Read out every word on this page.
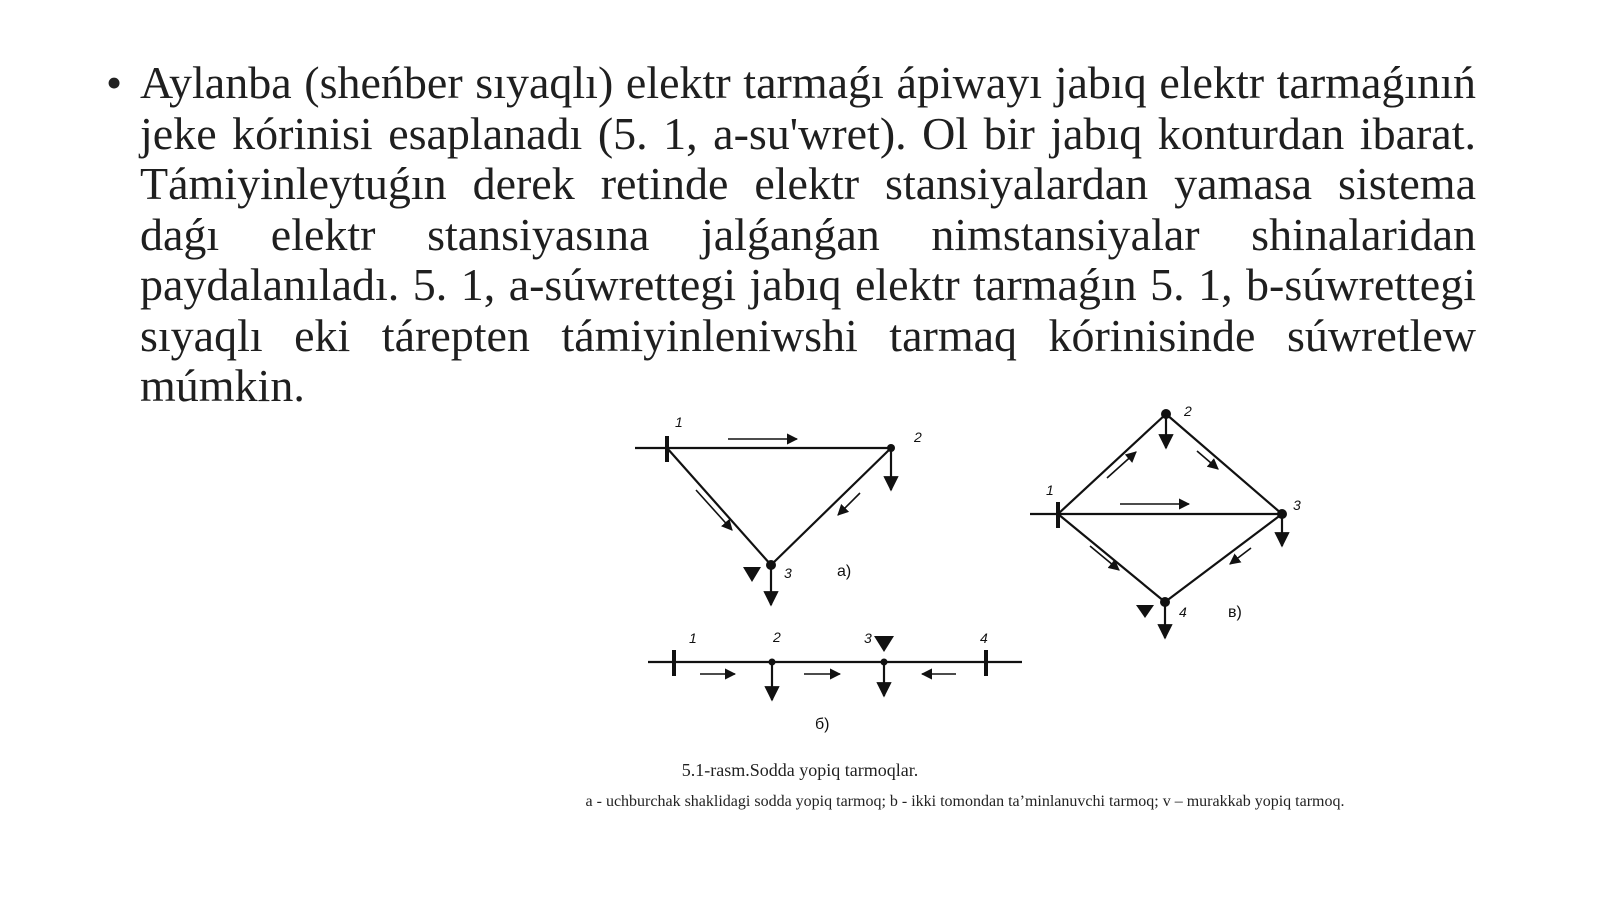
• Aylanba (sheńber sıyaqlı) elektr tarmaǵı ápiwayı jabıq elektr tarmaǵınıń jeke kórinisi esaplanadı (5. 1, a-su'wret). Ol bir jabıq konturdan ibarat. Támiyinleytuǵın derek retinde elektr stansiyalardan yamasa sistema daǵı elektr stansiyasına jalǵanǵan nimstansiyalar shinalaridan paydalanıladı. 5. 1, a-súwrettegi jabıq elektr tarmaǵın 5. 1, b-súwrettegi sıyaqlı eki tárepten támiyinleniwshi tarmaq kórinisinde súwretlew múmkin.

1
2
3	а)
1	2	3	4
б)
1
2
3
4	в)

5.1-rasm.Sodda yopiq tarmoqlar.

a - uchburchak shaklidagi sodda yopiq tarmoq; b - ikki tomondan ta’minlanuvchi tarmoq; v – murakkab yopiq tarmoq.
